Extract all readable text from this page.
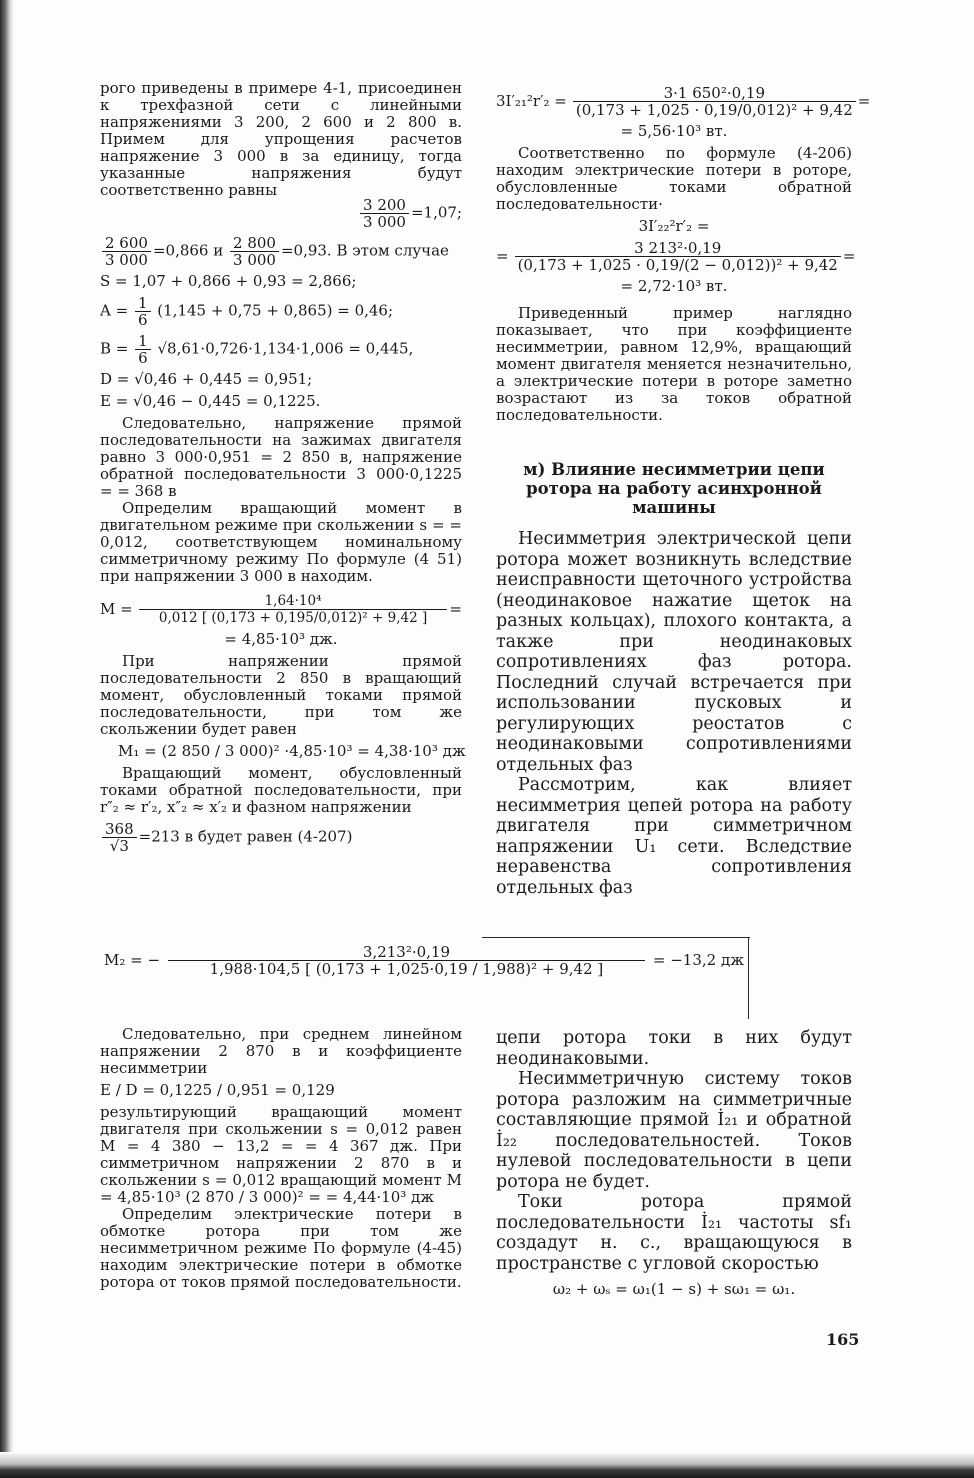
рого приведены в примере 4-1, присоединен к трехфазной сети с линейными напряжениями 3 200, 2 600 и 2 800 в. Примем для упрощения расчетов напряжение 3 000 в за единицу, тогда указанные напряжения будут соответственно равны

$\frac{3 200}{3 000} =1,07$;
$\frac{2 600}{3 000} =0,866$ и $\frac{2 800}{3 000} =0,93$. В этом случае
S = 1,07 + 0,866 + 0,93 = 2,866;
$A = \frac{1}{6} (1,145 + 0,75 + 0,865) = 0,46$;
$B = \frac{1}{6} √8,61\cdot 0,726\cdot 1,134\cdot 1,006 = 0,445$,
D = √0,46 + 0,445 = 0,951;
E = √0,46 − 0,445 = 0,1225.

Следовательно, напряжение прямой последовательности на зажимах двигателя равно 3 000·0,951 = 2 850 в, напряжение обратной последовательности 3 000·0,1225 = = 368 в

Определим вращающий момент в двигательном режиме при скольжении s = = 0,012, соответствующем номинальному симметричному режиму По формуле (4 51) при напряжении 3 000 в находим.

$M = \frac{\text{1,64·10⁴}}{\text{0,012 [ (0,173 + 0,195/0,012)² + 9,42 ]}}$ =
= 4,85·10³ дж.

При напряжении прямой последовательности 2 850 в вращающий момент, обусловленный токами прямой последовательности, при том же скольжении будет равен

M₁ = (2 850 / 3 000)² ·4,85·10³ = 4,38·10³ дж

Вращающий момент, обусловленный токами обратной последовательности, при r″₂ ≈ r′₂, x″₂ ≈ x′₂ и фазном напряжении

$\frac{368}{√3} =213$ в будет равен (4-207)
M₂ = − $\frac{\text{3,213²·0,19}}{\text{1,988·104,5 [ (0,173 + 1,025·0,19 / 1,988)² + 9,42 ]}} = -13,2$ дж

Следовательно, при среднем линейном напряжении 2 870 в и коэффициенте несимметрии

E / D = 0,1225 / 0,951 = 0,129

результирующий вращающий момент двигателя при скольжении s = 0,012 равен M = 4 380 − 13,2 = = 4 367 дж. При симметричном напряжении 2 870 в и скольжении s = 0,012 вращающий момент M = 4,85·10³ (2 870 / 3 000)² = = 4,44·10³ дж

Определим электрические потери в обмотке ротора при том же несимметричном режиме По формуле (4-45) находим электрические потери в обмотке ротора от токов прямой последовательности.

$3I'_{21}^2r'_2 = \frac{\text{3·1 650²·0,19}}{\text{(0,173 + 1,025 · 0,19/0,012)² + 9,42}}$ =
= 5,56·10³ вт.

Соответственно по формуле (4-206) находим электрические потери в роторе, обусловленные токами обратной последовательности·

3I′₂₂²r′₂ =
= $\frac{\text{3 213²·0,19}}{\text{(0,173 + 1,025 · 0,19/(2 − 0,012))² + 9,42}}$ =
= 2,72·10³ вт.

Приведенный пример наглядно показывает, что при коэффициенте несимметрии, равном 12,9%, вращающий момент двигателя меняется незначительно, а электрические потери в роторе заметно возрастают из за токов обратной последовательности.

м) Влияние несимметрии цепи ротора на работу асинхронной машины

Несимметрия электрической цепи ротора может возникнуть вследствие неисправности щеточного устройства (неодинаковое нажатие щеток на разных кольцах), плохого контакта, а также при неодинаковых сопротивлениях фаз ротора. Последний случай встречается при использовании пусковых и регулирующих реостатов с неодинаковыми сопротивлениями отдельных фаз

Рассмотрим, как влияет несимметрия цепей ротора на работу двигателя при симметричном напряжении U₁ сети. Вследствие неравенства сопротивления отдельных фаз

цепи ротора токи в них будут неодинаковыми.

Несимметричную систему токов ротора разложим на симметричные составляющие прямой İ₂₁ и обратной İ₂₂ последовательностей. Токов нулевой последовательности в цепи ротора не будет.

Токи ротора прямой последовательности İ₂₁ частоты sf₁ создадут н. с., вращающуюся в пространстве с угловой скоростью

ω₂ + ωₛ = ω₁(1 − s) + sω₁ = ω₁.
165
